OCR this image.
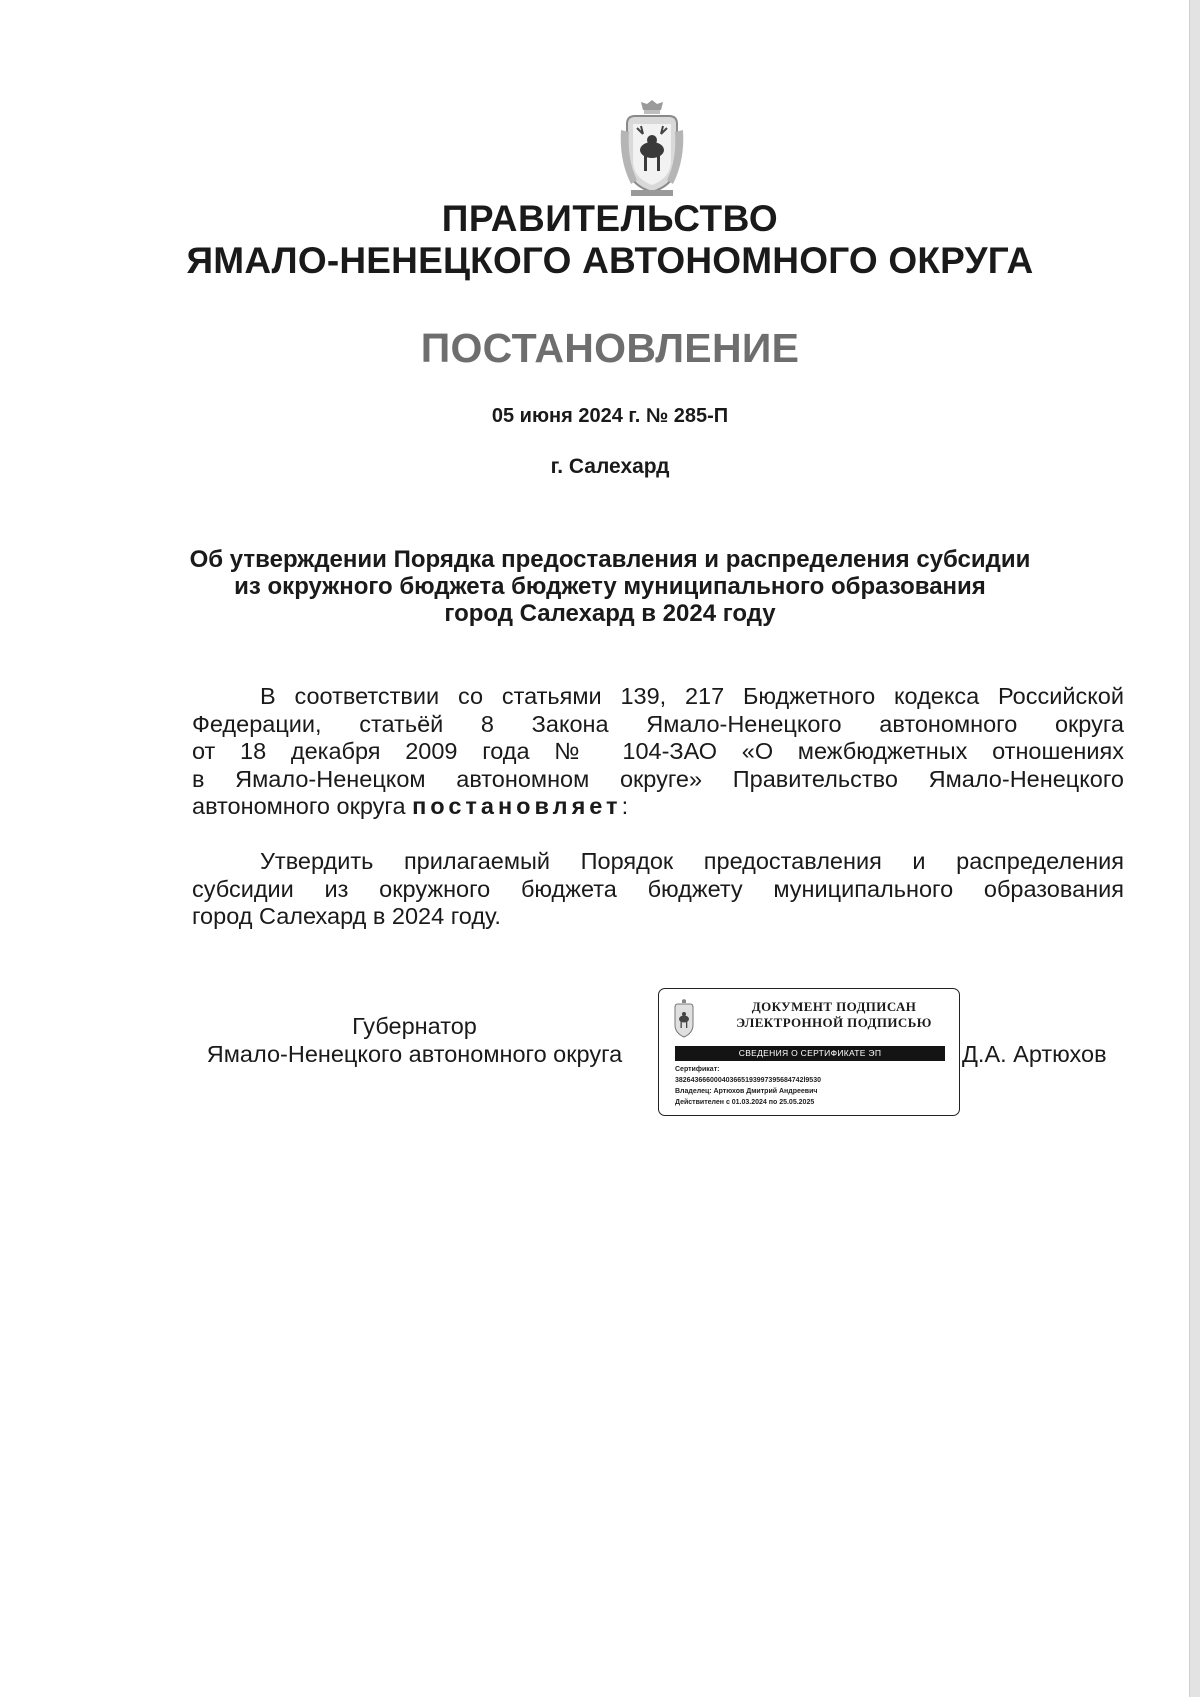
ПРАВИТЕЛЬСТВО
ЯМАЛО-НЕНЕЦКОГО АВТОНОМНОГО ОКРУГА
ПОСТАНОВЛЕНИЕ
05 июня 2024 г. № 285-П
г. Салехард
Об утверждении Порядка предоставления и распределения субсидии
из окружного бюджета бюджету муниципального образования
город Салехард в 2024 году
В соответствии со статьями 139, 217 Бюджетного кодекса Российской
Федерации, статьёй 8 Закона Ямало-Ненецкого автономного округа
от 18 декабря 2009 года № 104-ЗАО «О межбюджетных отношениях
в Ямало-Ненецком автономном округе» Правительство Ямало-Ненецкого
автономного округа постановляет:
Утвердить прилагаемый Порядок предоставления и распределения
субсидии из окружного бюджета бюджету муниципального образования
город Салехард в 2024 году.
Губернатор
Ямало-Ненецкого автономного округа
ДОКУМЕНТ ПОДПИСАН
ЭЛЕКТРОННОЙ ПОДПИСЬЮ
СВЕДЕНИЯ О СЕРТИФИКАТЕ ЭП
Сертификат:
382643666000403665193997395684742l9530
Владелец: Артюхов Дмитрий Андреевич
Действителен с 01.03.2024 по 25.05.2025
Д.А. Артюхов
